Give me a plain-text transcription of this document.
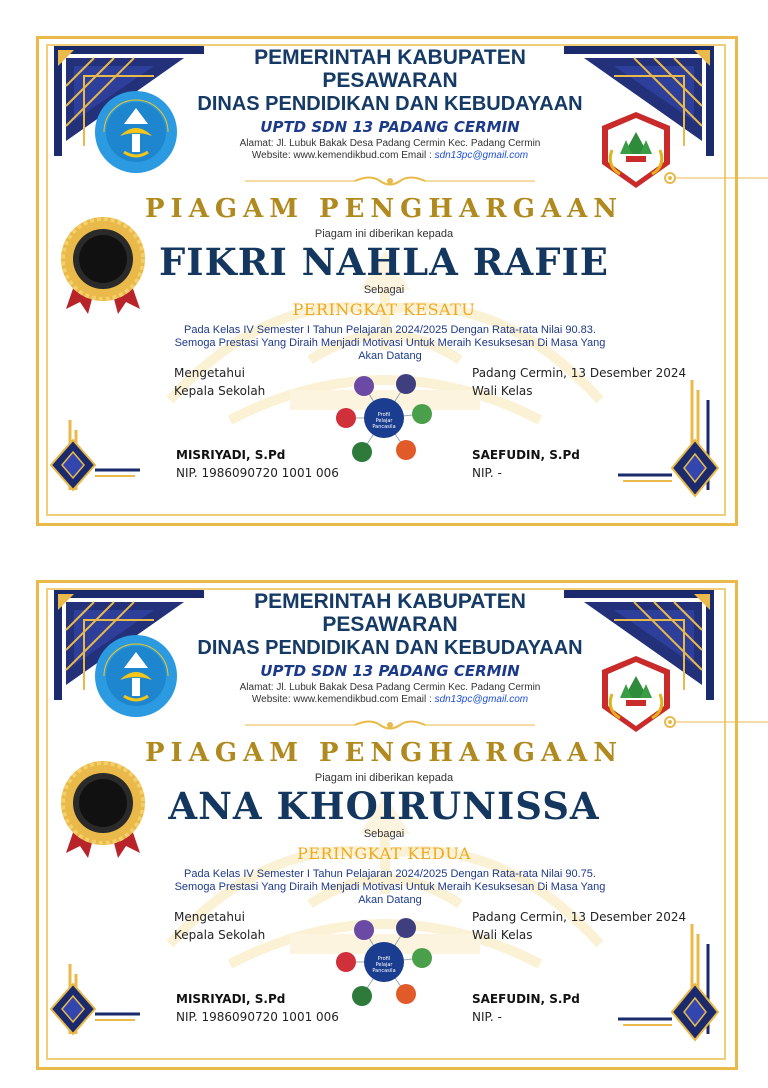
PEMERINTAH KABUPATEN
PESAWARAN
DINAS PENDIDIKAN DAN KEBUDAYAAN
UPTD SDN 13 PADANG CERMIN
Alamat: Jl. Lubuk Bakak Desa Padang Cermin Kec. Padang Cermin
Website: www.kemendikbud.com Email : sdn13pc@gmail.com
PIAGAM PENGHARGAAN
Piagam ini diberikan kepada
FIKRI NAHLA RAFIE
Sebagai
PERINGKAT KESATU
Pada Kelas IV Semester I Tahun Pelajaran 2024/2025 Dengan Rata-rata Nilai 90.83.
Semoga Prestasi Yang Diraih Menjadi Motivasi Untuk Meraih Kesuksesan Di Masa Yang
Akan Datang
Mengetahui
Kepala Sekolah
Padang Cermin, 13 Desember 2024
Wali Kelas
Profil
Pelajar
Pancasila
MISRIYADI, S.Pd
NIP. 1986090720 1001 006
SAEFUDIN, S.Pd
NIP. -
PEMERINTAH KABUPATEN
PESAWARAN
DINAS PENDIDIKAN DAN KEBUDAYAAN
UPTD SDN 13 PADANG CERMIN
Alamat: Jl. Lubuk Bakak Desa Padang Cermin Kec. Padang Cermin
Website: www.kemendikbud.com Email : sdn13pc@gmail.com
PIAGAM PENGHARGAAN
Piagam ini diberikan kepada
ANA KHOIRUNISSA
Sebagai
PERINGKAT KEDUA
Pada Kelas IV Semester I Tahun Pelajaran 2024/2025 Dengan Rata-rata Nilai 90.75.
Semoga Prestasi Yang Diraih Menjadi Motivasi Untuk Meraih Kesuksesan Di Masa Yang
Akan Datang
Mengetahui
Kepala Sekolah
Padang Cermin, 13 Desember 2024
Wali Kelas
Profil
Pelajar
Pancasila
MISRIYADI, S.Pd
NIP. 1986090720 1001 006
SAEFUDIN, S.Pd
NIP. -
